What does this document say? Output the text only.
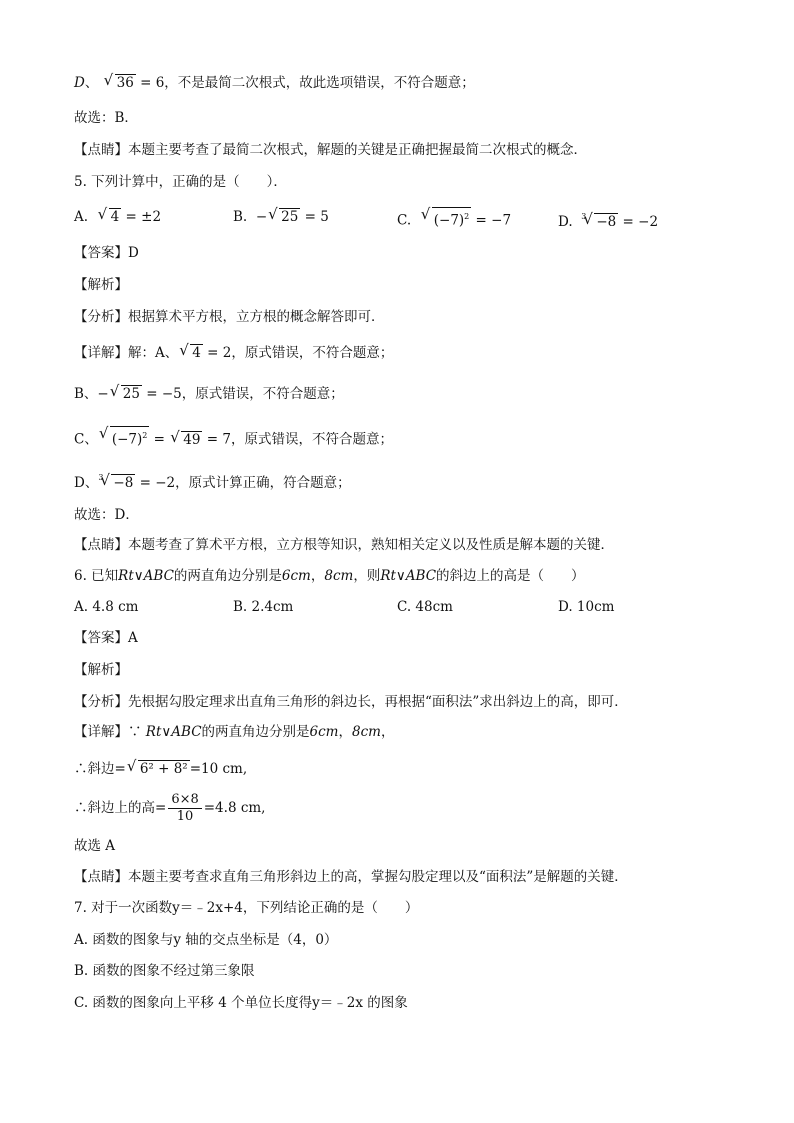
D、 √ 36 = 6，不是最简二次根式，故此选项错误，不符合题意；
故选：B．
【点睛】本题主要考查了最简二次根式，解题的关键是正确把握最简二次根式的概念．
5. 下列计算中，正确的是（　　）．
A. √ 4 = ±2	B. − √ 25 = 5	C. √ $(-7)^2 = -7$	D. $^3$ √ −8 = −2
【答案】D
【解析】
【分析】根据算术平方根，立方根的概念解答即可．
【详解】解：A、 √ 4 = 2，原式错误，不符合题意；
B、− √ 25 = −5，原式错误，不符合题意；
C、 √ $(-7)^2$ = √ 49 = 7，原式错误，不符合题意；
D、$^3$ √ −8 = −2，原式计算正确，符合题意；
故选：D．
【点睛】本题考查了算术平方根，立方根等知识，熟知相关定义以及性质是解本题的关键．
6. 已知Rt∨ABC的两直角边分别是6cm，8cm，则Rt∨ABC的斜边上的高是（　　）
A. 4.8 cm	B. 2.4cm	C. 48cm	D. 10cm
【答案】A
【解析】
【分析】先根据勾股定理求出直角三角形的斜边长，再根据“面积法”求出斜边上的高，即可．
【详解】∵ Rt∨ABC的两直角边分别是6cm，8cm，
∴斜边= √ 6² + 8² =10 cm,
∴斜边上的高= $\frac{6\times 8}{10} =4.8$ cm,
故选 A
【点睛】本题主要考查求直角三角形斜边上的高，掌握勾股定理以及“面积法”是解题的关键．
7. 对于一次函数y＝﹣2x+4，下列结论正确的是（　　）
A. 函数的图象与y 轴的交点坐标是（4，0）
B. 函数的图象不经过第三象限
C. 函数的图象向上平移 4 个单位长度得y＝﹣2x 的图象
